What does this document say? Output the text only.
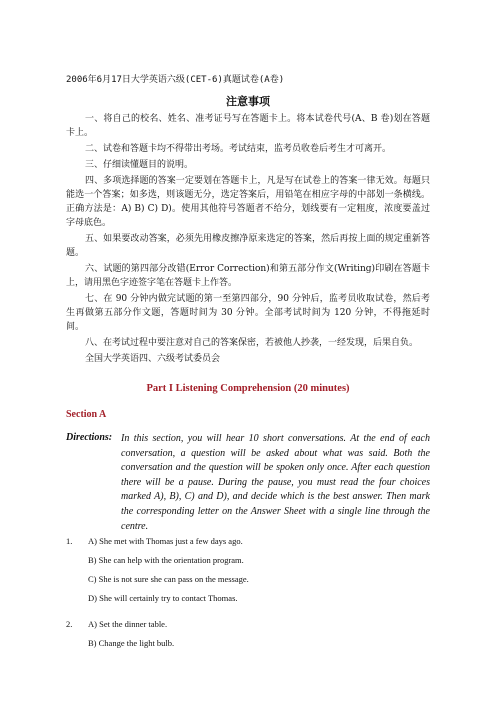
2006年6月17日大学英语六级(CET-6)真题试卷(A卷)
注意事项

一、将自己的校名、姓名、准考证号写在答题卡上。将本试卷代号(A、B 卷)划在答题卡上。

二、试卷和答题卡均不得带出考场。考试结束，监考员收卷后考生才可离开。

三、仔细读懂题目的说明。

四、多项选择题的答案一定要划在答题卡上，凡是写在试卷上的答案一律无效。每题只能选一个答案；如多选，则该题无分，选定答案后，用铅笔在相应字母的中部划一条横线。正确方法是：A) B) C) D)。使用其他符号答题者不给分，划线要有一定粗度，浓度要盖过字母底色。

五、如果要改动答案，必须先用橡皮擦净原来选定的答案，然后再按上面的规定重新答题。

六、试题的第四部分改错(Error Correction)和第五部分作文(Writing)印刷在答题卡上，请用黑色字迹签字笔在答题卡上作答。

七、在 90 分钟内做完试题的第一至第四部分，90 分钟后，监考员收取试卷，然后考生再做第五部分作文题，答题时间为 30 分钟。全部考试时间为 120 分钟，不得拖延时间。

八、在考试过程中要注意对自己的答案保密，若被他人抄袭，一经发现，后果自负。

全国大学英语四、六级考试委员会

Part I Listening Comprehension (20 minutes)
Section A
Directions: In this section, you will hear 10 short conversations. At the end of each conversation, a question will be asked about what was said. Both the conversation and the question will be spoken only once. After each question there will be a pause. During the pause, you must read the four choices marked A), B), C) and D), and decide which is the best answer. Then mark the corresponding letter on the Answer Sheet with a single line through the centre.
1. A) She met with Thomas just a few days ago.
B) She can help with the orientation program.
C) She is not sure she can pass on the message.
D) She will certainly try to contact Thomas.
2. A) Set the dinner table.
B) Change the light bulb.
